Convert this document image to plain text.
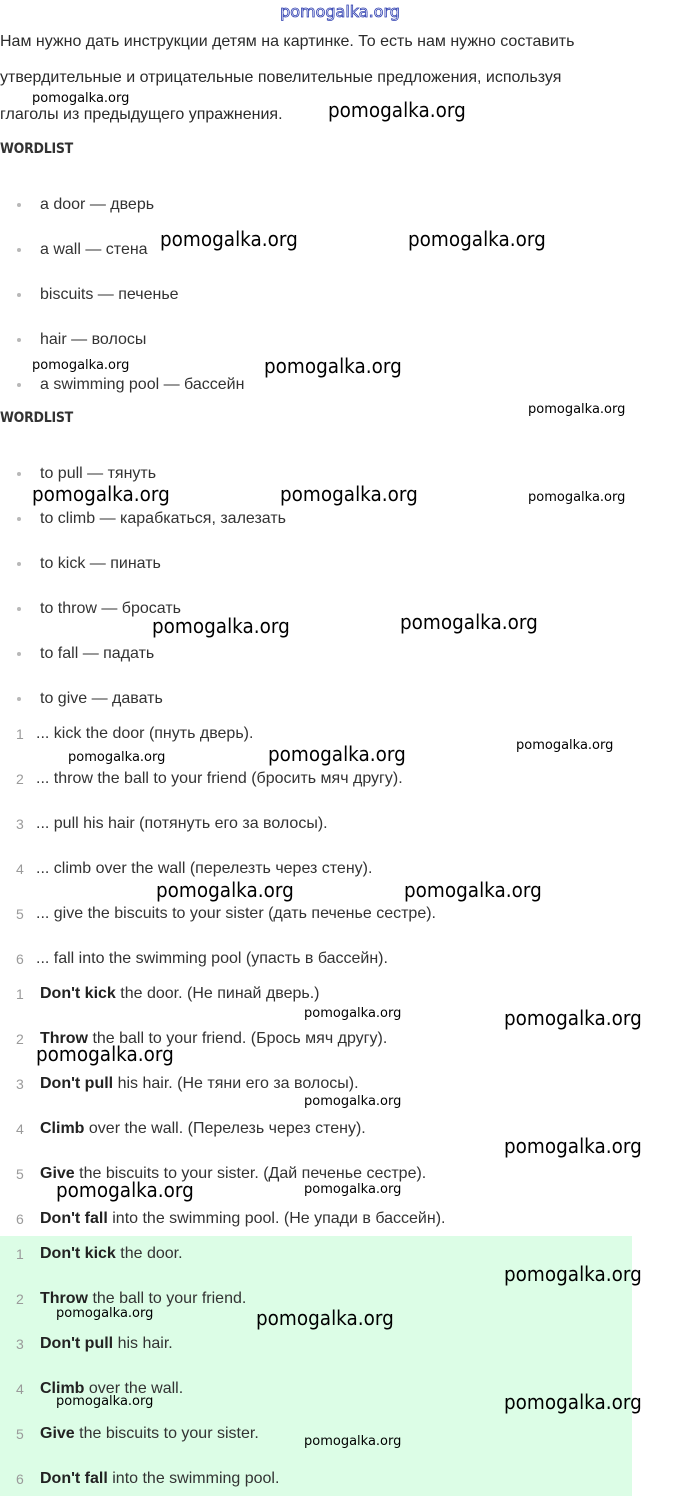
pomogalka.org

Нам нужно дать инструкции детям на картинке. То есть нам нужно составить

утвердительные и отрицательные повелительные предложения, используя

глаголы из предыдущего упражнения.

WORDLIST
a door — дверь
a wall — стена
biscuits — печенье
hair — волосы
a swimming pool — бассейн
WORDLIST
to pull — тянуть
to climb — карабкаться, залезать
to kick — пинать
to throw — бросать
to fall — падать
to give — давать
1 ... kick the door (пнуть дверь).
2 ... throw the ball to your friend (бросить мяч другу).
3 ... pull his hair (потянуть его за волосы).
4 ... climb over the wall (перелезть через стену).
5 ... give the biscuits to your sister (дать печенье сестре).
6 ... fall into the swimming pool (упасть в бассейн).
1	Don't kick the door. (Не пинай дверь.)
2	Throw the ball to your friend. (Брось мяч другу).
3	Don't pull his hair. (Не тяни его за волосы).
4	Climb over the wall. (Перелезь через стену).
5	Give the biscuits to your sister. (Дай печенье сестре).
6	Don't fall into the swimming pool. (Не упади в бассейн).
1	Don't kick the door.
2	Throw the ball to your friend.
3	Don't pull his hair.
4	Climb over the wall.
5	Give the biscuits to your sister.
6	Don't fall into the swimming pool.
pomogalka.org	pomogalka.org
pomogalka.org	pomogalka.org
pomogalka.org	pomogalka.org
pomogalka.org
pomogalka.org	pomogalka.org	pomogalka.org
pomogalka.org	pomogalka.org
pomogalka.org	pomogalka.org	pomogalka.org
pomogalka.org	pomogalka.org
pomogalka.org	pomogalka.org
pomogalka.org
pomogalka.org
pomogalka.org
pomogalka.org	pomogalka.org
pomogalka.org
pomogalka.org	pomogalka.org
pomogalka.org	pomogalka.org
pomogalka.org
